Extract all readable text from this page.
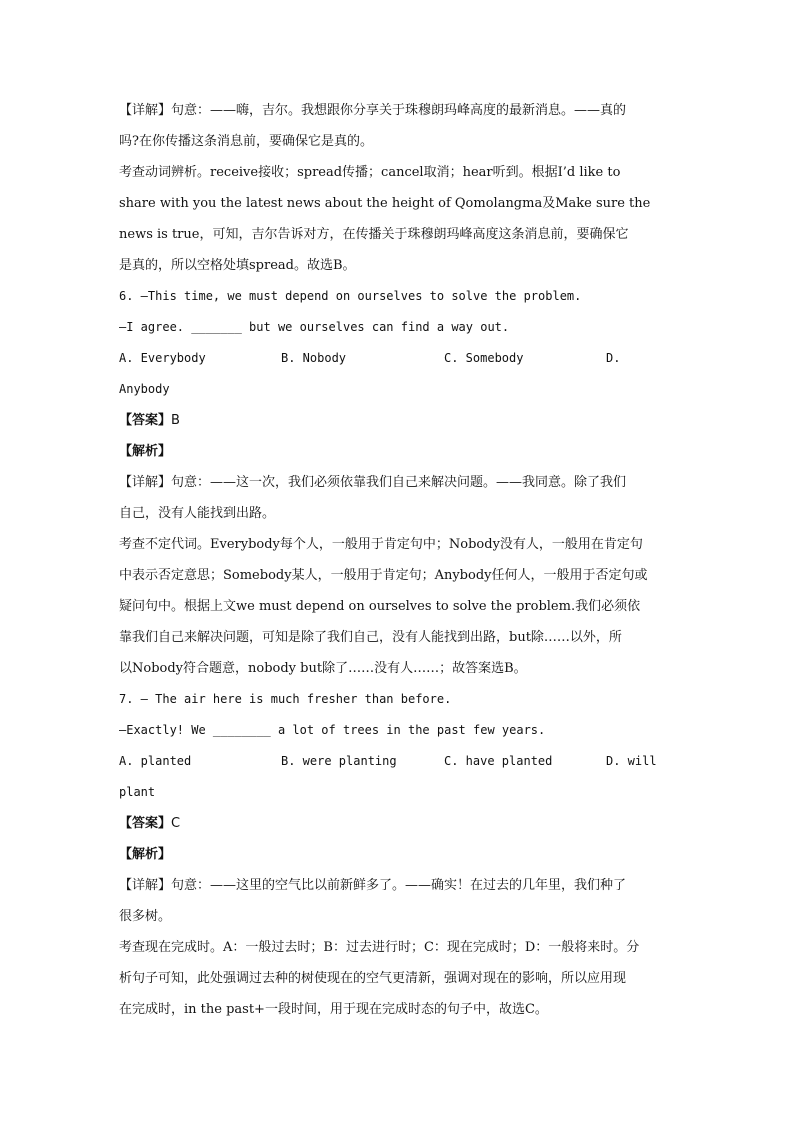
【详解】句意：——嗨，吉尔。我想跟你分享关于珠穆朗玛峰高度的最新消息。——真的

吗?在你传播这条消息前，要确保它是真的。

考查动词辨析。receive接收；spread传播；cancel取消；hear听到。根据I’d like to

share with you the latest news about the height of Qomolangma及Make sure the

news is true，可知，吉尔告诉对方，在传播关于珠穆朗玛峰高度这条消息前，要确保它

是真的，所以空格处填spread。故选B。

6. —This time, we must depend on ourselves to solve the problem.

—I agree. _______ but we ourselves can find a way out.

A. Everybody	B. Nobody	C. Somebody	D.

Anybody

【答案】B

【解析】

【详解】句意：——这一次，我们必须依靠我们自己来解决问题。——我同意。除了我们

自己，没有人能找到出路。

考查不定代词。Everybody每个人，一般用于肯定句中；Nobody没有人，一般用在肯定句

中表示否定意思；Somebody某人，一般用于肯定句；Anybody任何人，一般用于否定句或

疑问句中。根据上文we must depend on ourselves to solve the problem.我们必须依

靠我们自己来解决问题，可知是除了我们自己，没有人能找到出路，but除……以外，所

以Nobody符合题意，nobody but除了……没有人……；故答案选B。

7. — The air here is much fresher than before.

—Exactly! We ________ a lot of trees in the past few years.

A. planted	B. were planting	C. have planted	D. will

plant

【答案】C

【解析】

【详解】句意：——这里的空气比以前新鲜多了。——确实！在过去的几年里，我们种了

很多树。

考查现在完成时。A：一般过去时；B：过去进行时；C：现在完成时；D：一般将来时。分

析句子可知，此处强调过去种的树使现在的空气更清新，强调对现在的影响，所以应用现

在完成时，in the past+一段时间，用于现在完成时态的句子中，故选C。
